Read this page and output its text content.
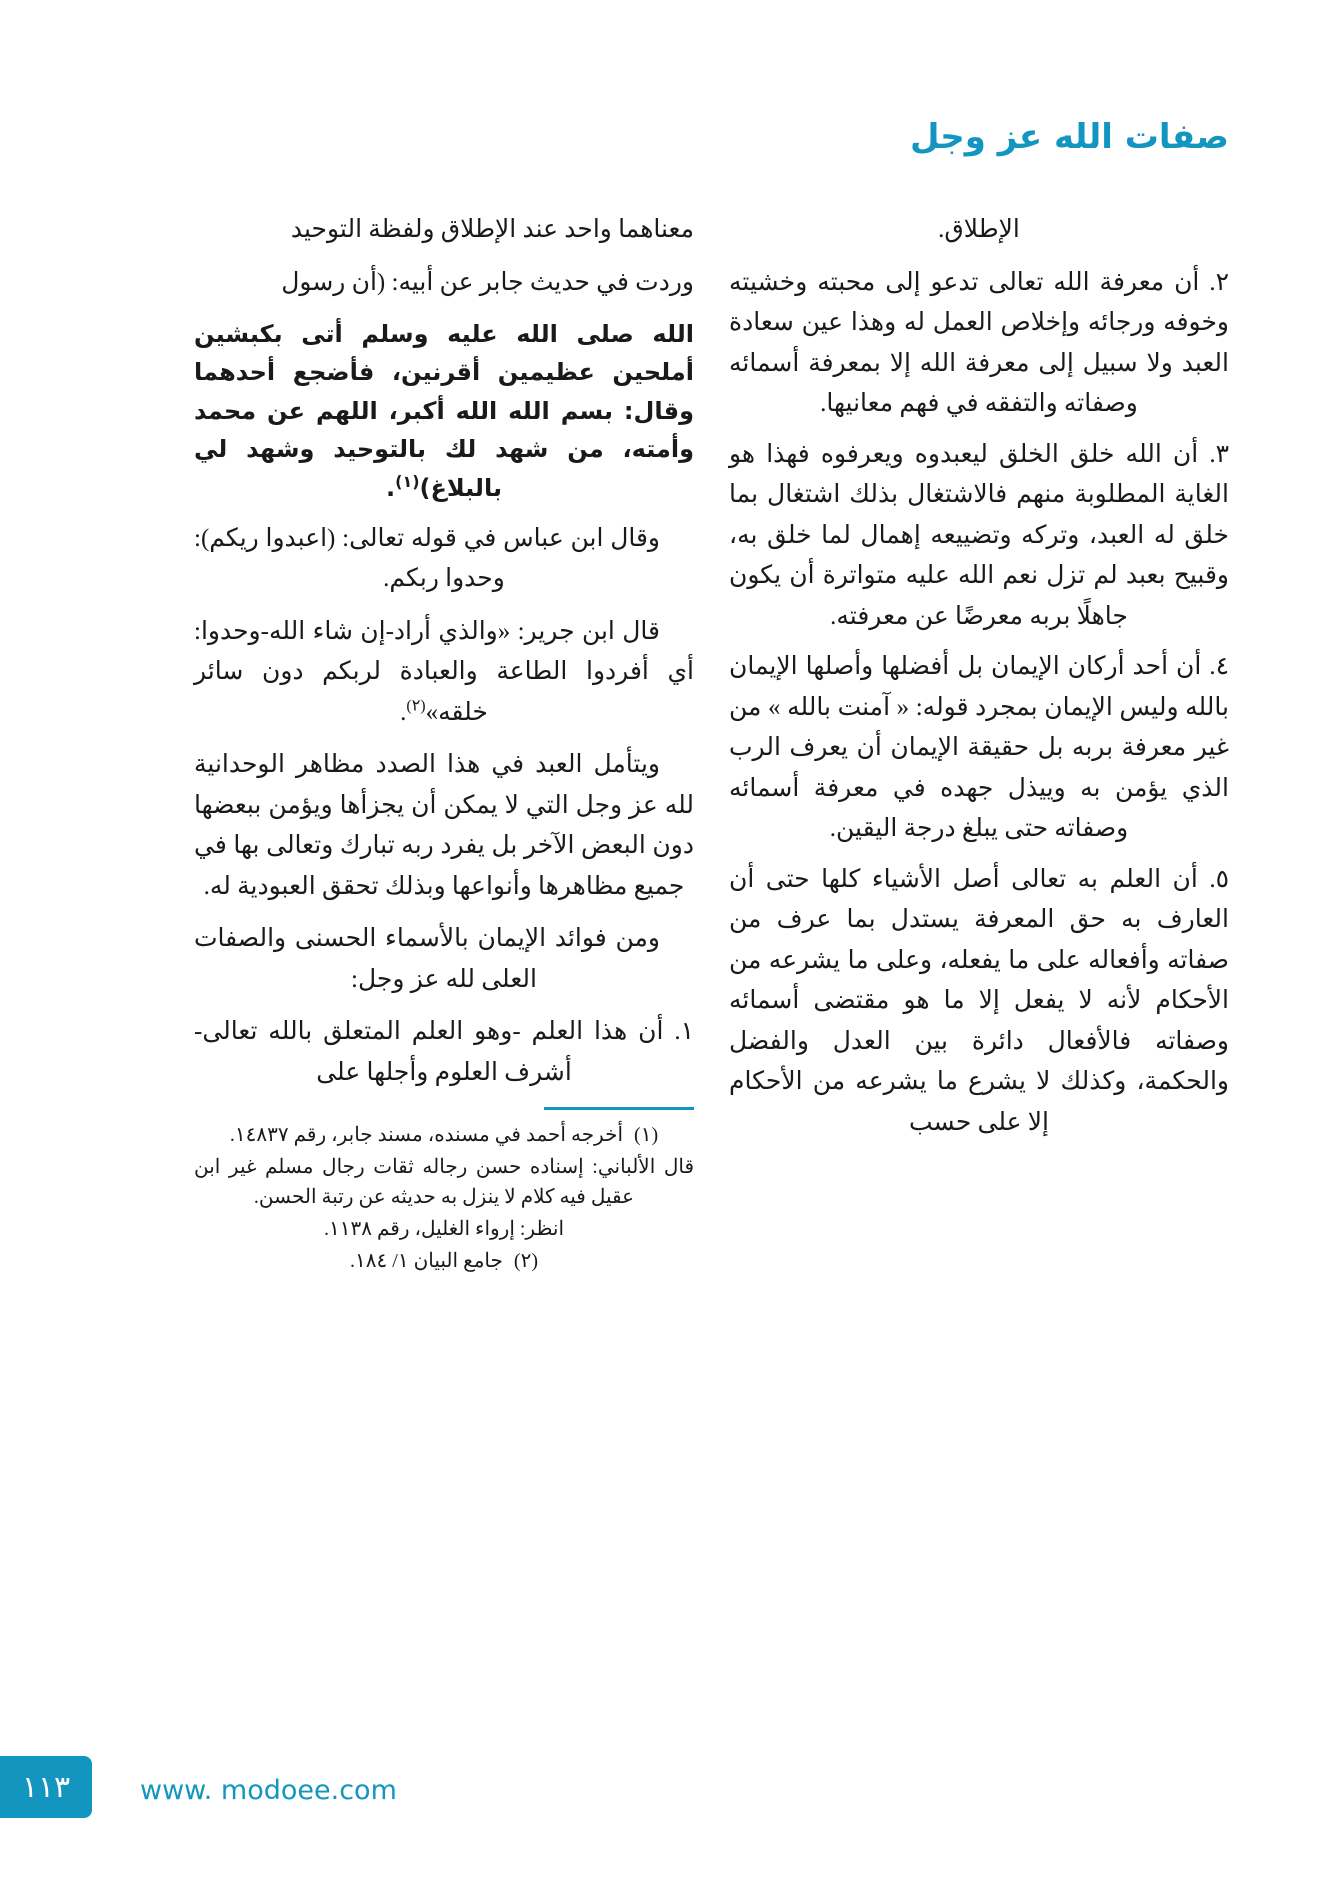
صفات الله عز وجل

معناهما واحد عند الإطلاق ولفظة التوحيد

وردت في حديث جابر عن أبيه: (أن رسول

الله صلى الله عليه وسلم أتى بكبشين أملحين عظيمين أقرنين، فأضجع أحدهما وقال: بسم الله الله أكبر، اللهم عن محمد وأمته، من شهد لك بالتوحيد وشهد لي بالبلاغ)$^{(١)}$.

وقال ابن عباس في قوله تعالى: (اعبدوا ريكم): وحدوا ربكم.

قال ابن جرير: «والذي أراد-إن شاء الله-وحدوا: أي أفردوا الطاعة والعبادة لربكم دون سائر خلقه»$^{(٢)}$.

ويتأمل العبد في هذا الصدد مظاهر الوحدانية لله عز وجل التي لا يمكن أن يجزأها ويؤمن ببعضها دون البعض الآخر بل يفرد ربه تبارك وتعالى بها في جميع مظاهرها وأنواعها وبذلك تحقق العبودية له.

ومن فوائد الإيمان بالأسماء الحسنى والصفات العلى لله عز وجل:

١. أن هذا العلم -وهو العلم المتعلق بالله تعالى- أشرف العلوم وأجلها على
(١) أخرجه أحمد في مسنده، مسند جابر، رقم ١٤٨٣٧.
قال الألباني: إسناده حسن رجاله ثقات رجال مسلم غير ابن عقيل فيه كلام لا ينزل به حديثه عن رتبة الحسن.
انظر: إرواء الغليل، رقم ١١٣٨.
(٢) جامع البيان ١/ ١٨٤.

الإطلاق.

٢. أن معرفة الله تعالى تدعو إلى محبته وخشيته وخوفه ورجائه وإخلاص العمل له وهذا عين سعادة العبد ولا سبيل إلى معرفة الله إلا بمعرفة أسمائه وصفاته والتفقه في فهم معانيها.
٣. أن الله خلق الخلق ليعبدوه ويعرفوه فهذا هو الغاية المطلوبة منهم فالاشتغال بذلك اشتغال بما خلق له العبد، وتركه وتضييعه إهمال لما خلق به، وقبيح بعبد لم تزل نعم الله عليه متواترة أن يكون جاهلًا بربه معرضًا عن معرفته.
٤. أن أحد أركان الإيمان بل أفضلها وأصلها الإيمان بالله وليس الإيمان بمجرد قوله: « آمنت بالله » من غير معرفة بربه بل حقيقة الإيمان أن يعرف الرب الذي يؤمن به وييذل جهده في معرفة أسمائه وصفاته حتى يبلغ درجة اليقين.
٥. أن العلم به تعالى أصل الأشياء كلها حتى أن العارف به حق المعرفة يستدل بما عرف من صفاته وأفعاله على ما يفعله، وعلى ما يشرعه من الأحكام لأنه لا يفعل إلا ما هو مقتضى أسمائه وصفاته فالأفعال دائرة بين العدل والفضل والحكمة، وكذلك لا يشرع ما يشرعه من الأحكام إلا على حسب
١١٣	www. modoee.com
